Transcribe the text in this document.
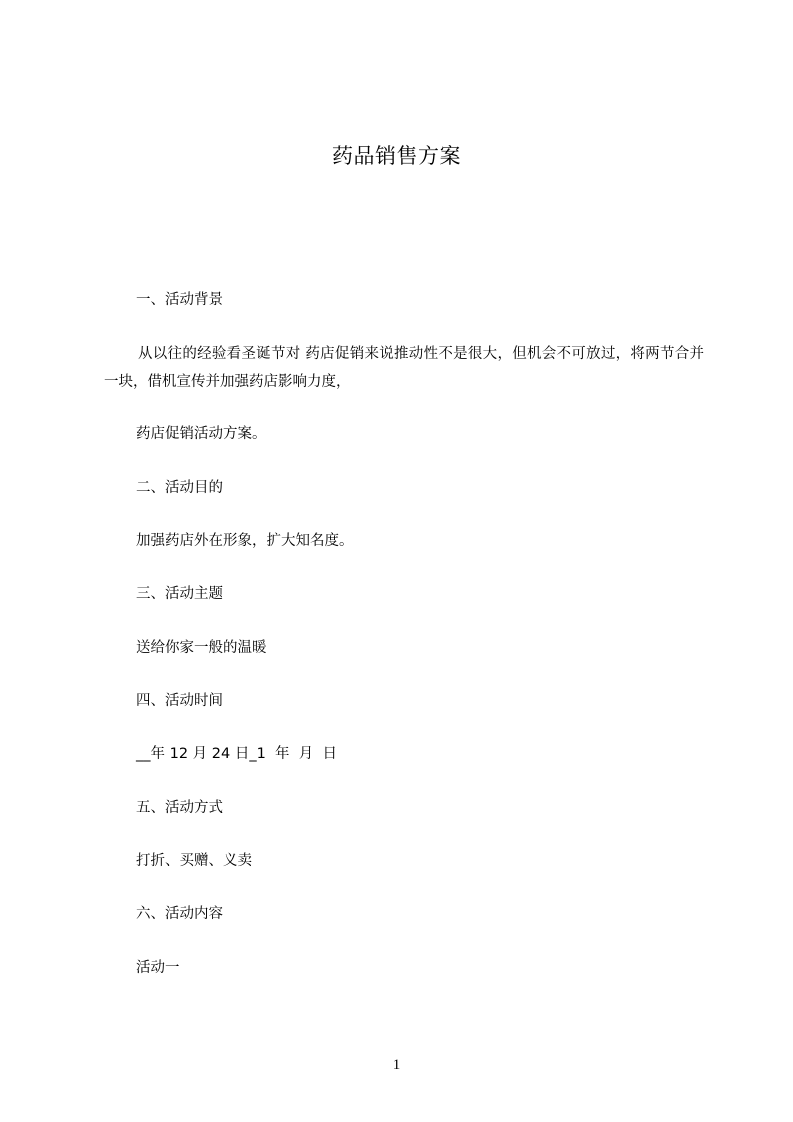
药品销售方案
一、活动背景
从以往的经验看圣诞节对 药店促销来说推动性不是很大，但机会不可放过，将两节合并一块，借机宣传并加强药店影响力度，
药店促销活动方案。
二、活动目的
加强药店外在形象，扩大知名度。
三、活动主题
送给你家一般的温暖
四、活动时间
__年 12 月 24 日_1  年  月  日
五、活动方式
打折、买赠、义卖
六、活动内容
活动一
1
